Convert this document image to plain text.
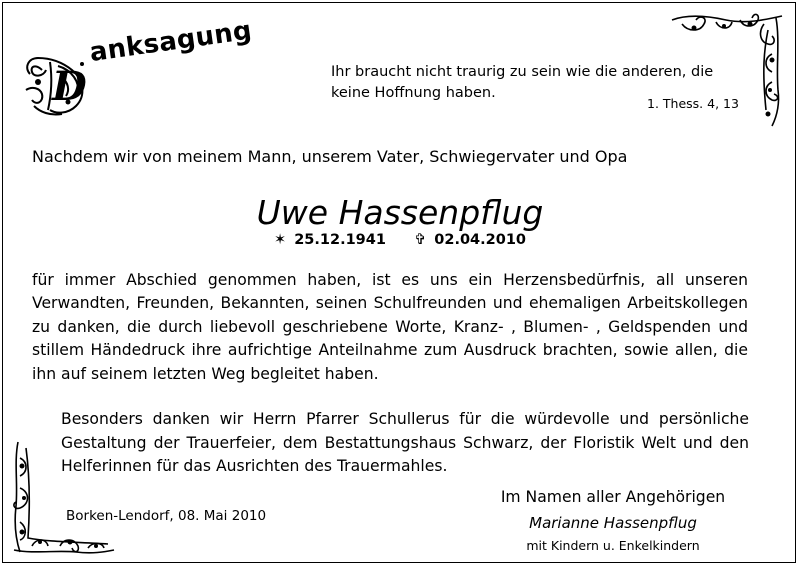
D
anksagung
Ihr braucht nicht traurig zu sein wie die anderen, die keine Hoffnung haben.
1. Thess. 4, 13
Nachdem wir von meinem Mann, unserem Vater, Schwiegervater und Opa
Uwe Hassenpflug
✶ 25.12.1941 ✞ 02.04.2010
für immer Abschied genommen haben, ist es uns ein Herzensbedürfnis, all unseren Verwandten, Freunden, Bekannten, seinen Schulfreunden und ehemaligen Arbeitskollegen zu danken, die durch liebevoll geschriebene Worte, Kranz- , Blumen- , Geldspenden und stillem Händedruck ihre aufrichtige Anteilnahme zum Ausdruck brachten, sowie allen, die ihn auf seinem letzten Weg begleitet haben.
Besonders danken wir Herrn Pfarrer Schullerus für die würdevolle und persönliche Gestaltung der Trauerfeier, dem Bestattungshaus Schwarz, der Floristik Welt und den Helferinnen für das Ausrichten des Trauermahles.
Borken-Lendorf, 08. Mai 2010
Im Namen aller Angehörigen
Marianne Hassenpflug
mit Kindern u. Enkelkindern
